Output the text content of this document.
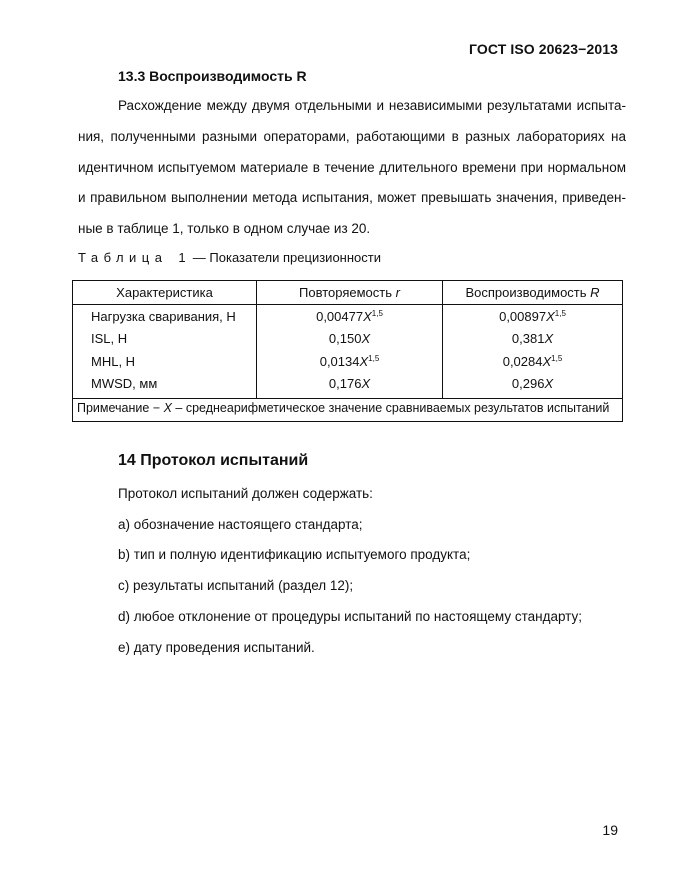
ГОСТ ISO 20623−2013
13.3 Воспроизводимость R
Расхождение между двумя отдельными и независимыми результатами испыта-
ния, полученными разными операторами, работающими в разных лабораториях на
идентичном испытуемом материале в течение длительного времени при нормальном
и правильном выполнении метода испытания, может превышать значения, приведен-
ные в таблице 1, только в одном случае из 20.
Таблица 1 — Показатели прецизионности
Характеристика	Повторяемость r	Воспроизводимость R
Нагрузка сваривания, Н	$0,00477X^{1,5}$	$0,00897X^{1,5}$
ISL, Н	0,150X	0,381X
MHL, Н	$0,0134X^{1,5}$	$0,0284X^{1,5}$
MWSD, мм	0,176X	0,296X
Примечание − X – среднеарифметическое значение сравниваемых результатов испытаний		
14 Протокол испытаний
Протокол испытаний должен содержать:
a) обозначение настоящего стандарта;
b) тип и полную идентификацию испытуемого продукта;
c) результаты испытаний (раздел 12);
d) любое отклонение от процедуры испытаний по настоящему стандарту;
e) дату проведения испытаний.
19
